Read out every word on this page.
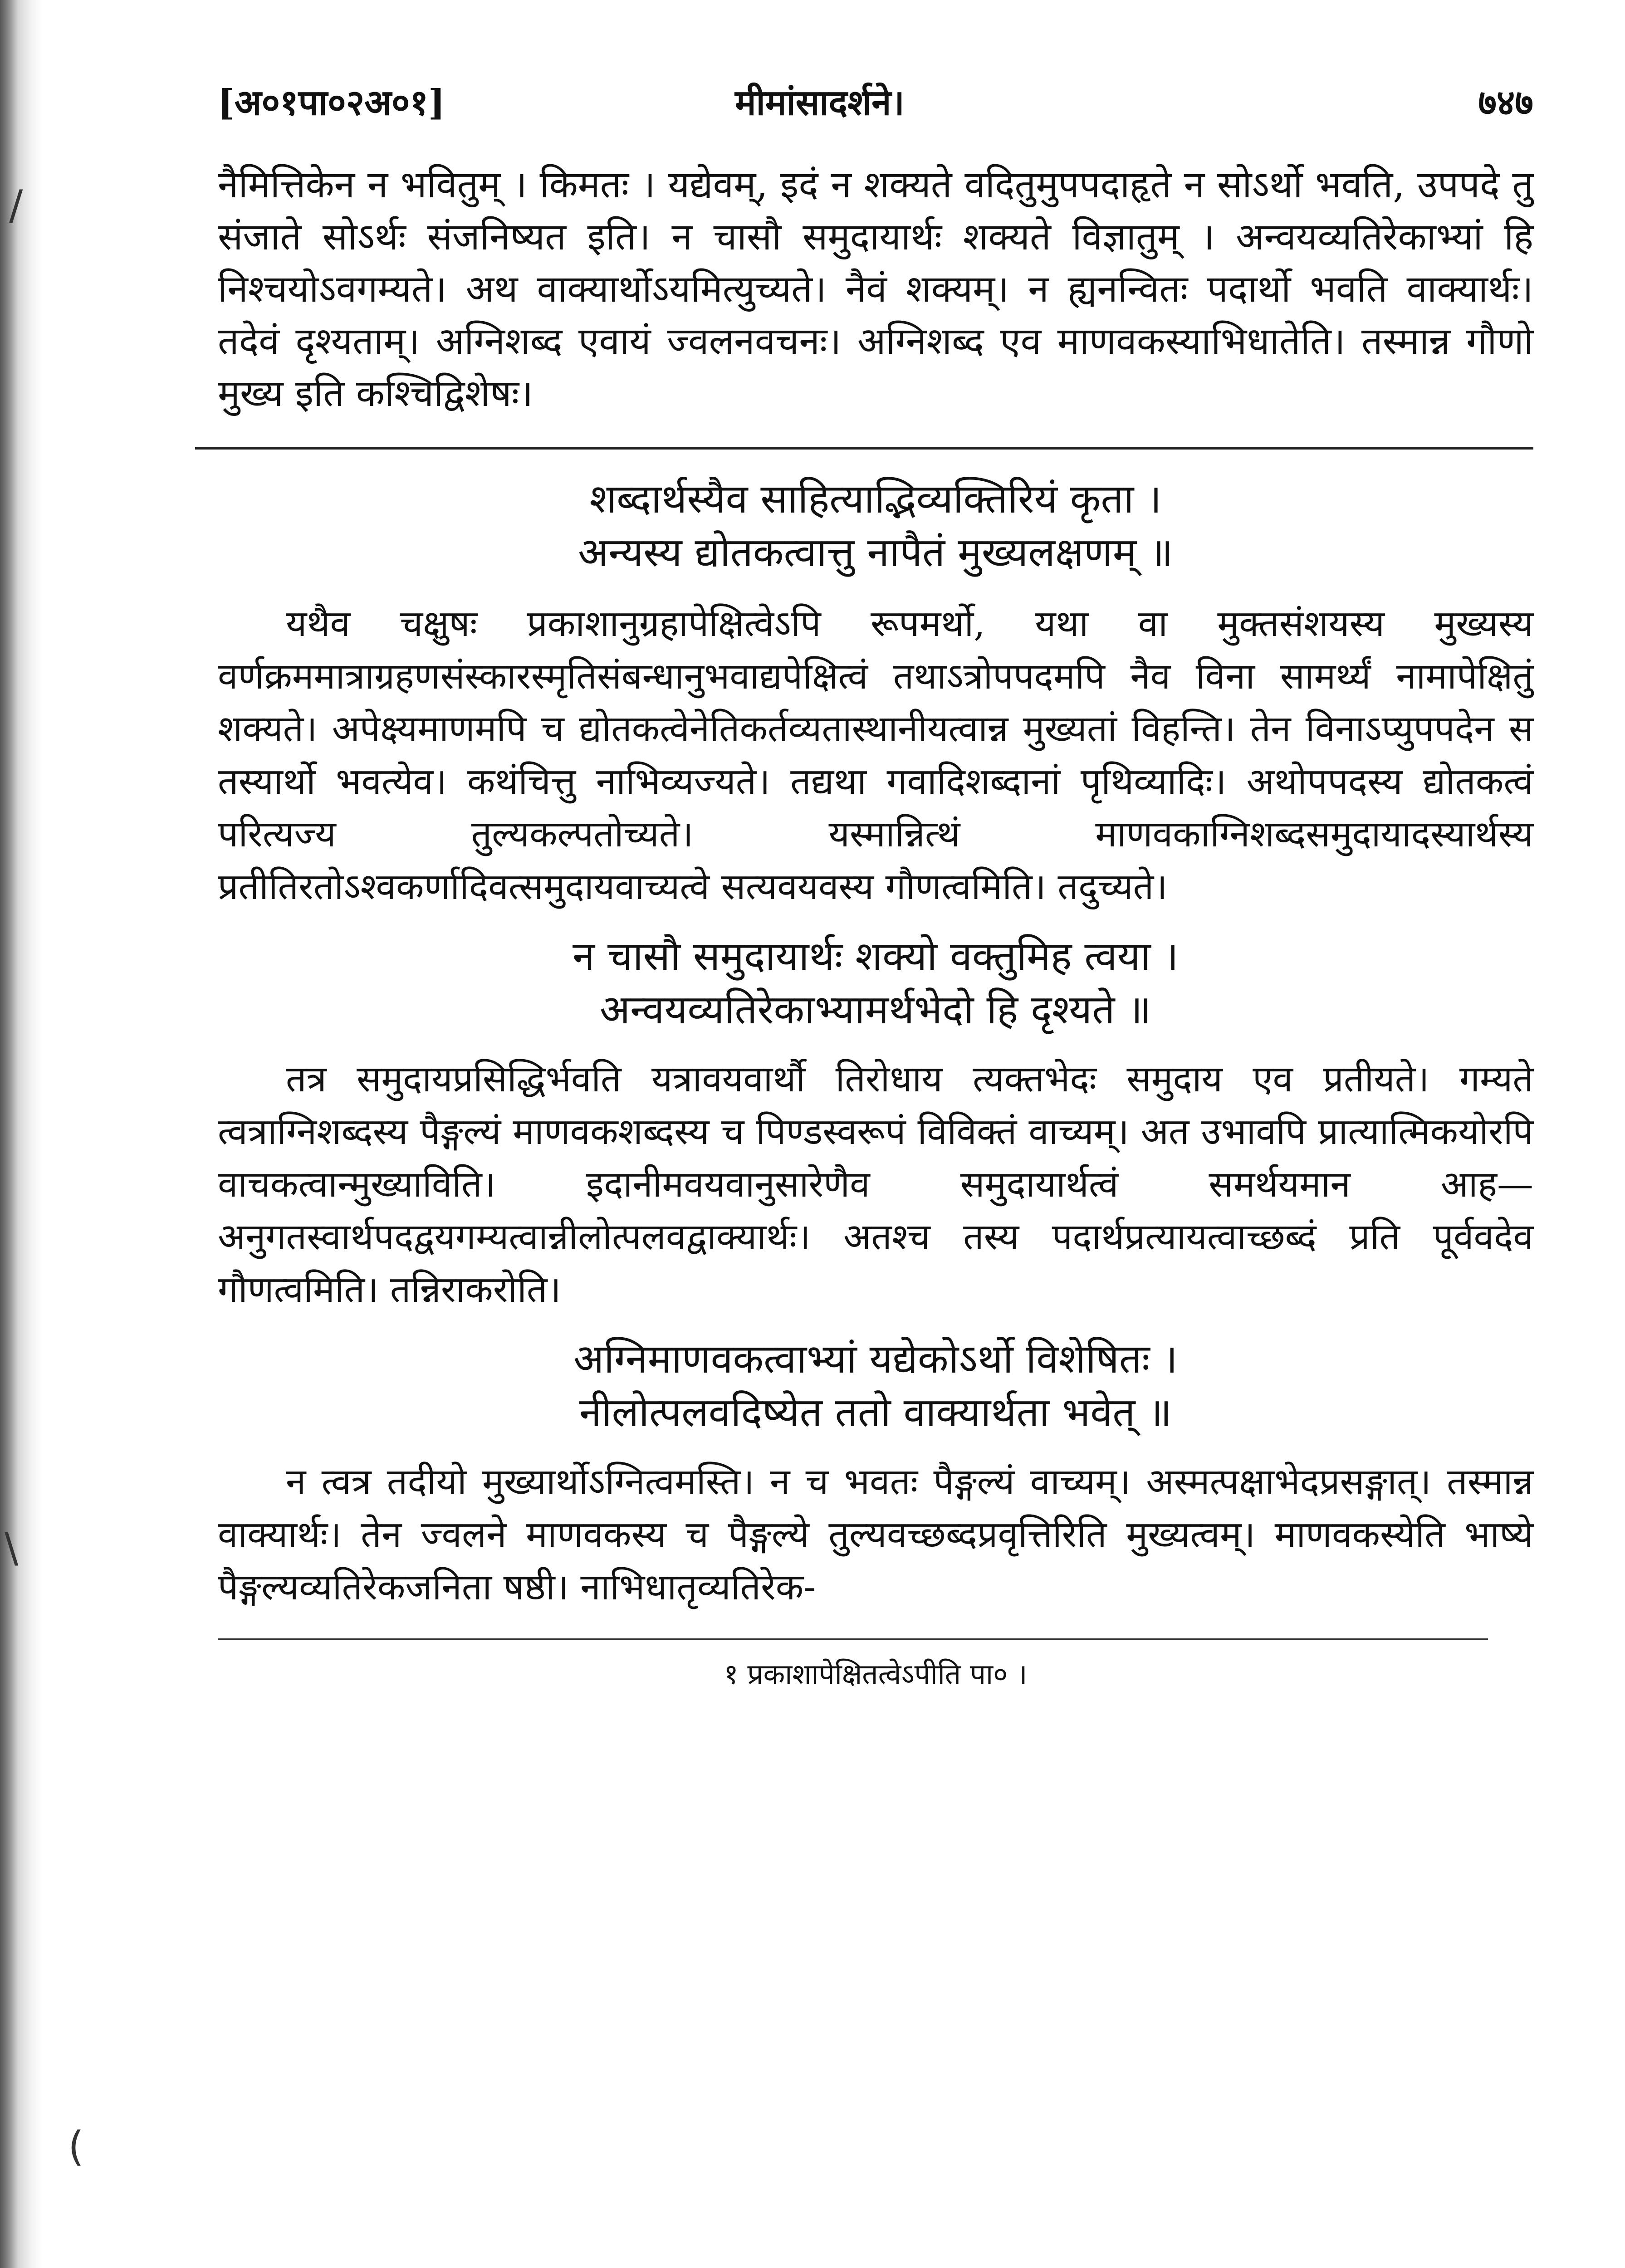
/
\
(
[अ०१पा०२अ०१]	मीमांसादर्शने।	७४७

नैमित्तिकेन न भवितुम् । किमतः । यद्येवम्, इदं न शक्यते वदितुमुपपदाहृते न सोऽर्थो भवति, उपपदे तु संजाते सोऽर्थः संजनिष्यत इति। न चासौ समुदायार्थः शक्यते विज्ञातुम् । अन्वयव्यतिरेकाभ्यां हि निश्चयोऽवगम्यते। अथ वाक्यार्थोऽयमित्युच्यते। नैवं शक्यम्। न ह्यनन्वितः पदार्थो भवति वाक्यार्थः। तदेवं दृश्यताम्। अग्निशब्द एवायं ज्वलनवचनः। अग्निशब्द एव माणवकस्याभिधातेति। तस्मान्न गौणो मुख्य इति कश्चिद्विशेषः।

शब्दार्थस्यैव साहित्याद्भिव्यक्तिरियं कृता ।
अन्यस्य द्योतकत्वात्तु नापैतं मुख्यलक्षणम् ॥

यथैव चक्षुषः प्रकाशानुग्रहापेक्षित्वेऽपि रूपमर्थो, यथा वा मुक्तसंशयस्य मुख्यस्य वर्णक्रममात्राग्रहणसंस्कारस्मृतिसंबन्धानुभवाद्यपेक्षित्वं तथाऽत्रोपपदमपि नैव विना सामर्थ्यं नामापेक्षितुं शक्यते। अपेक्ष्यमाणमपि च द्योतकत्वेनेतिकर्तव्यतास्थानीयत्वान्न मुख्यतां विहन्ति। तेन विनाऽप्युपपदेन स तस्यार्थो भवत्येव। कथंचित्तु नाभिव्यज्यते। तद्यथा गवादिशब्दानां पृथिव्यादिः। अथोपपदस्य द्योतकत्वं परित्यज्य तुल्यकल्पतोच्यते। यस्मान्नित्थं माणवकाग्निशब्दसमुदायादस्यार्थस्य प्रतीतिरतोऽश्वकर्णादिवत्समुदायवाच्यत्वे सत्यवयवस्य गौणत्वमिति। तदुच्यते।

न चासौ समुदायार्थः शक्यो वक्तुमिह त्वया ।
अन्वयव्यतिरेकाभ्यामर्थभेदो हि दृश्यते ॥

तत्र समुदायप्रसिद्धिर्भवति यत्रावयवार्थौ तिरोधाय त्यक्तभेदः समुदाय एव प्रतीयते। गम्यते त्वत्राग्निशब्दस्य पैङ्गल्यं माणवकशब्दस्य च पिण्डस्वरूपं विविक्तं वाच्यम्। अत उभावपि प्रात्यात्मिकयोरपि वाचकत्वान्मुख्याविति। इदानीमवयवानुसारेणैव समुदायार्थत्वं समर्थयमान आह— अनुगतस्वार्थपदद्वयगम्यत्वान्नीलोत्पलवद्वाक्यार्थः। अतश्च तस्य पदार्थप्रत्यायत्वाच्छब्दं प्रति पूर्ववदेव गौणत्वमिति। तन्निराकरोति।

अग्निमाणवकत्वाभ्यां यद्येकोऽर्थो विशेषितः ।
नीलोत्पलवदिष्येत ततो वाक्यार्थता भवेत् ॥

न त्वत्र तदीयो मुख्यार्थोऽग्नित्वमस्ति। न च भवतः पैङ्गल्यं वाच्यम्। अस्मत्पक्षाभेदप्रसङ्गात्। तस्मान्न वाक्यार्थः। तेन ज्वलने माणवकस्य च पैङ्गल्ये तुल्यवच्छब्दप्रवृत्तिरिति मुख्यत्वम्। माणवकस्येति भाष्ये पैङ्गल्यव्यतिरेकजनिता षष्ठी। नाभिधातृव्यतिरेक-

१ प्रकाशापेक्षितत्वेऽपीति पा० ।
